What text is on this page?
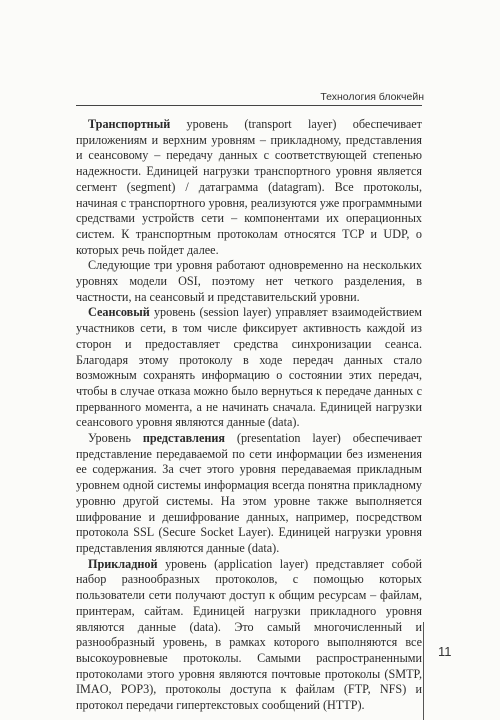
Технология блокчейн

Транспортный уровень (transport layer) обеспечивает приложениям и верхним уровням – прикладному, представления и сеансовому – передачу данных с соответствующей степенью надежности. Единицей нагрузки транспортного уровня является сегмент (segment) / датаграмма (datagram). Все протоколы, начиная с транспортного уровня, реализуются уже программными средствами устройств сети – компонентами их операционных систем. К транспортным протоколам относятся TCP и UDP, о которых речь пойдет далее.

Следующие три уровня работают одновременно на нескольких уровнях модели OSI, поэтому нет четкого разделения, в частности, на сеансовый и представительский уровни.

Сеансовый уровень (session layer) управляет взаимодействием участников сети, в том числе фиксирует активность каждой из сторон и предоставляет средства синхронизации сеанса. Благодаря этому протоколу в ходе передач данных стало возможным сохранять информацию о состоянии этих передач, чтобы в случае отказа можно было вернуться к передаче данных с прерванного момента, а не начинать сначала. Единицей нагрузки сеансового уровня являются данные (data).

Уровень представления (presentation layer) обеспечивает представление передаваемой по сети информации без изменения ее содержания. За счет этого уровня передаваемая прикладным уровнем одной системы информация всегда понятна прикладному уровню другой системы. На этом уровне также выполняется шифрование и дешифрование данных, например, посредством протокола SSL (Secure Socket Layer). Единицей нагрузки уровня представления являются данные (data).

Прикладной уровень (application layer) представляет собой набор разнообразных протоколов, с помощью которых пользователи сети получают доступ к общим ресурсам – файлам, принтерам, сайтам. Единицей нагрузки прикладного уровня являются данные (data). Это самый многочисленный и разнообразный уровень, в рамках которого выполняются все высокоуровневые протоколы. Самыми распространенными протоколами этого уровня являются почтовые протоколы (SMTP, IMAO, POP3), протоколы доступа к файлам (FTP, NFS) и протокол передачи гипертекстовых сообщений (HTTP).

11
